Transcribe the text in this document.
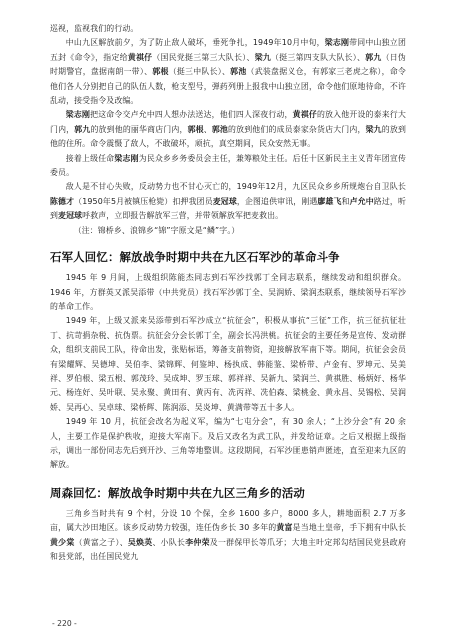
巡视，监视我们的行动。

中山九区解放前夕，为了防止敌人破坏，垂死争扎，1949年10月中旬，梁志刚带同中山独立团五封《命令》，指定给黄祺仔（国民党挺三第三大队长）、梁九（挺三第四支队大队长）、郭九（日伪时期警官，盘据南朗一带）、郭根（挺三中队长）、郭池（武装盘据义仓，有郭家三老虎之称），命令他们各人分别把自己的队伍人数，枪支型号，弹药列册上报我中山独立团，命令他们原地待命，不许乱动，接受指令及改编。

梁志刚把这命令交卢允中四人想办法送达，他们四人深夜行动，黄祺仔的放入他开设的泰来行大门内，郭九的放到他的丽华商店门内，郭根、郭池的放到他们的成员泰家杂货店大门内，梁九的放到他的住所。命令震慑了敌人，不敢破坏，顽抗，真空期间，民众安然无事。

接着上级任命梁志刚为民众乡乡务委员会主任，兼筹粮处主任。后任十区新民主主义青年团宣传委员。

敌人是不甘心失败，反动势力也不甘心灭亡的，1949年12月，九区民众乡乡所规炮台自卫队长陈德才（1950年5月被镇压枪毙）扣押我团员麦冠球，企图追供审讯，刚遇廖雄飞和卢允中路过，听到麦冠球呼救声，立即报告解放军三营，并带领解放军把麦救出。

（注：锦桥乡、浪锦乡“锦”字原文是“鳞”字。）

石军人回忆：解放战争时期中共在九区石军沙的革命斗争

1945 年 9 月间，上级组织陈能杰同志到石军沙找郭丁全同志联系，继续发动和组织群众。1946 年，方群英又派吴添带（中共党员）找石军沙郭丁全、吴润娇、梁润杰联系，继续领导石军沙的革命工作。

1949 年，上级又派来吴添带到石军沙成立“抗征会”，积极从事抗“三征”工作，抗三征抗征壮丁、抗苛捐杂税、抗伪票。抗征会分会长郭丁全，副会长冯洪桃。抗征会的主要任务是宣传、发动群众，组织支前民工队，待命出发，张贴标语，筹备支前物资，迎接解放军南下等。期间，抗征会会员有梁耀辉、吴德坤、吴伯李、梁锦辉、何鉴坤、杨执成、韩能鉴、梁桥带、卢金有、罗坤元、吴美祥、罗伯根、梁五根、郭茂玲、吴成坤、罗玉球、郭祥祥、吴新九、梁润兰、黄祺胜、杨炳好、杨华元、杨连好、吴叶联、吴永聚、黄田有、黄丙有、冼丙祥、冼伯森、梁桃金、黄永昌、吴锡松、吴润娇、吴再心、吴卓球、梁桥辉、陈润添、吴炎坤、黄满带等五十多人。

1949 年 10 月，抗征会改名为起义军，编为“七屯分会”，有 30 余人；“上沙分会”有 20 余人，主要工作是保护秩收，迎接大军南下。及后又改名为武工队，并发给证章。之后又根据上级指示，调出一部份同志先后到开沙、三角等地整训。这段期间，石军沙匪患销声匿迹，直至迎来九区的解放。

周森回忆：解放战争时期中共在九区三角乡的活动

三角乡当时共有 9 个村，分设 10 个保，全乡 1600 多户，8000 多人，耕地面积 2.7 万多亩，属大沙田地区。该乡反动势力较强，连任伪乡长 30 多年的黄富是当地土皇帝，手下拥有中队长黄少棠（黄富之子）、吴焕英、小队长李仲荣及一群保甲长等爪牙；大地主叶定邦勾结国民党县政府和县党部，出任国民党九

- 220 -
